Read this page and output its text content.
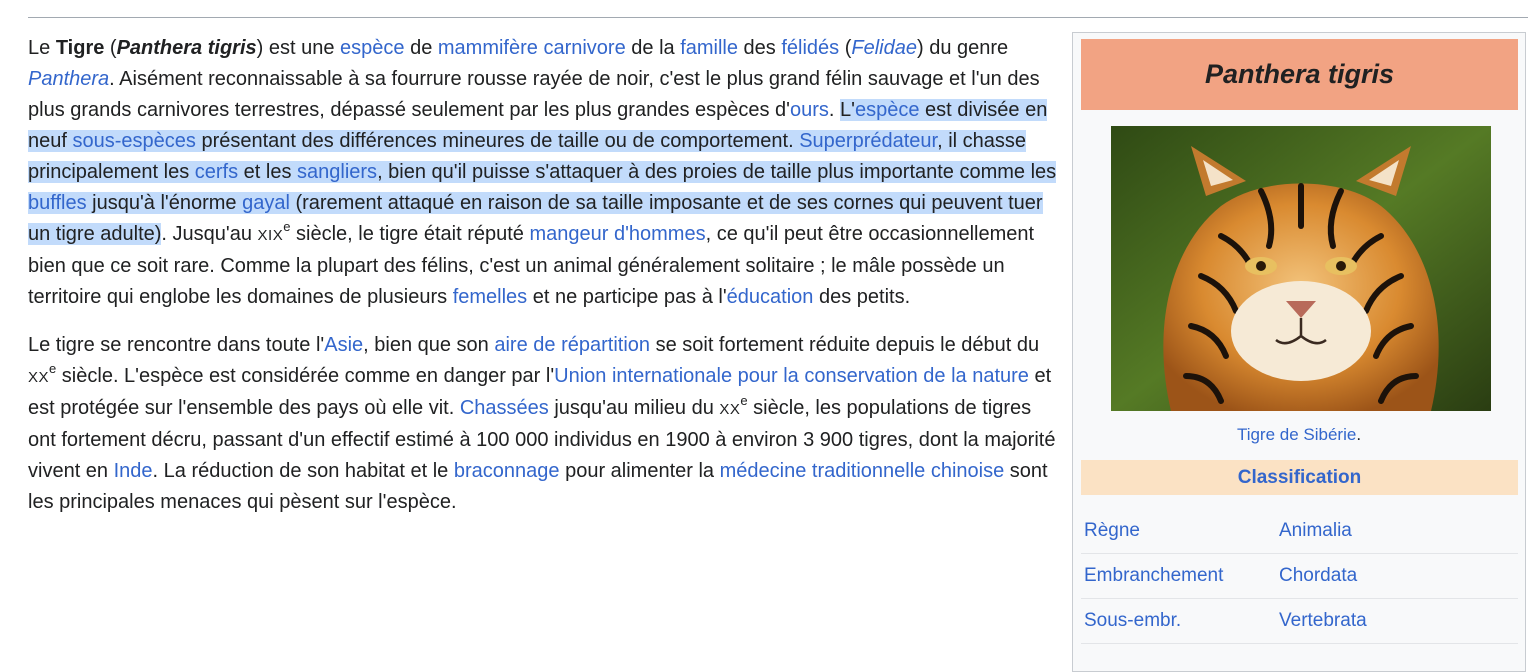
Le Tigre (Panthera tigris) est une espèce de mammifère carnivore de la famille des félidés (Felidae) du genre Panthera. Aisément reconnaissable à sa fourrure rousse rayée de noir, c'est le plus grand félin sauvage et l'un des plus grands carnivores terrestres, dépassé seulement par les plus grandes espèces d'ours. L'espèce est divisée en neuf sous-espèces présentant des différences mineures de taille ou de comportement. Superprédateur, il chasse principalement les cerfs et les sangliers, bien qu'il puisse s'attaquer à des proies de taille plus importante comme les buffles jusqu'à l'énorme gayal (rarement attaqué en raison de sa taille imposante et de ses cornes qui peuvent tuer un tigre adulte). Jusqu'au XIXe siècle, le tigre était réputé mangeur d'hommes, ce qu'il peut être occasionnellement bien que ce soit rare. Comme la plupart des félins, c'est un animal généralement solitaire ; le mâle possède un territoire qui englobe les domaines de plusieurs femelles et ne participe pas à l'éducation des petits.

Le tigre se rencontre dans toute l'Asie, bien que son aire de répartition se soit fortement réduite depuis le début du XXe siècle. L'espèce est considérée comme en danger par l'Union internationale pour la conservation de la nature et est protégée sur l'ensemble des pays où elle vit. Chassées jusqu'au milieu du XXe siècle, les populations de tigres ont fortement décru, passant d'un effectif estimé à 100 000 individus en 1900 à environ 3 900 tigres, dont la majorité vivent en Inde. La réduction de son habitat et le braconnage pour alimenter la médecine traditionnelle chinoise sont les principales menaces qui pèsent sur l'espèce.

Panthera tigris
Tigre de Sibérie.
Classification
Règne	Animalia
Embranchement	Chordata
Sous-embr.	Vertebrata
